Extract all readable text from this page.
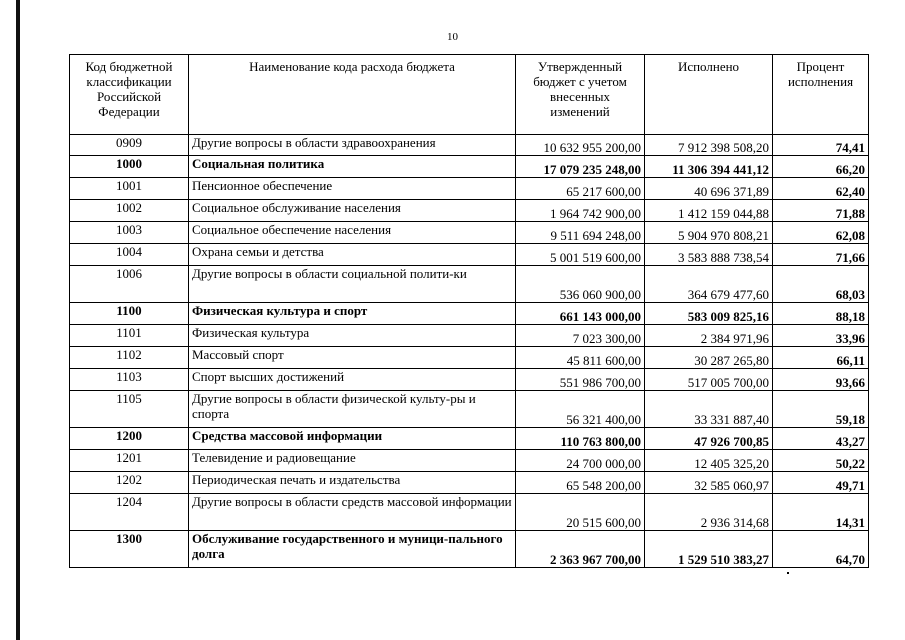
10
Код бюджетной классификации Российской Федерации	Наименование кода расхода бюджета	Утвержденный бюджет с учетом внесенных изменений	Исполнено	Процент исполнения
0909	Другие вопросы в области здравоохранения	10 632 955 200,00	7 912 398 508,20	74,41
1000	Социальная политика	17 079 235 248,00	11 306 394 441,12	66,20
1001	Пенсионное обеспечение	65 217 600,00	40 696 371,89	62,40
1002	Социальное обслуживание населения	1 964 742 900,00	1 412 159 044,88	71,88
1003	Социальное обеспечение населения	9 511 694 248,00	5 904 970 808,21	62,08
1004	Охрана семьи и детства	5 001 519 600,00	3 583 888 738,54	71,66
1006	Другие вопросы в области социальной полити-ки	536 060 900,00	364 679 477,60	68,03
1100	Физическая культура и спорт	661 143 000,00	583 009 825,16	88,18
1101	Физическая культура	7 023 300,00	2 384 971,96	33,96
1102	Массовый спорт	45 811 600,00	30 287 265,80	66,11
1103	Спорт высших достижений	551 986 700,00	517 005 700,00	93,66
1105	Другие вопросы в области физической культу-ры и спорта	56 321 400,00	33 331 887,40	59,18
1200	Средства массовой информации	110 763 800,00	47 926 700,85	43,27
1201	Телевидение и радиовещание	24 700 000,00	12 405 325,20	50,22
1202	Периодическая печать и издательства	65 548 200,00	32 585 060,97	49,71
1204	Другие вопросы в области средств массовой информации	20 515 600,00	2 936 314,68	14,31
1300	Обслуживание государственного и муници-пального долга	2 363 967 700,00	1 529 510 383,27	64,70
